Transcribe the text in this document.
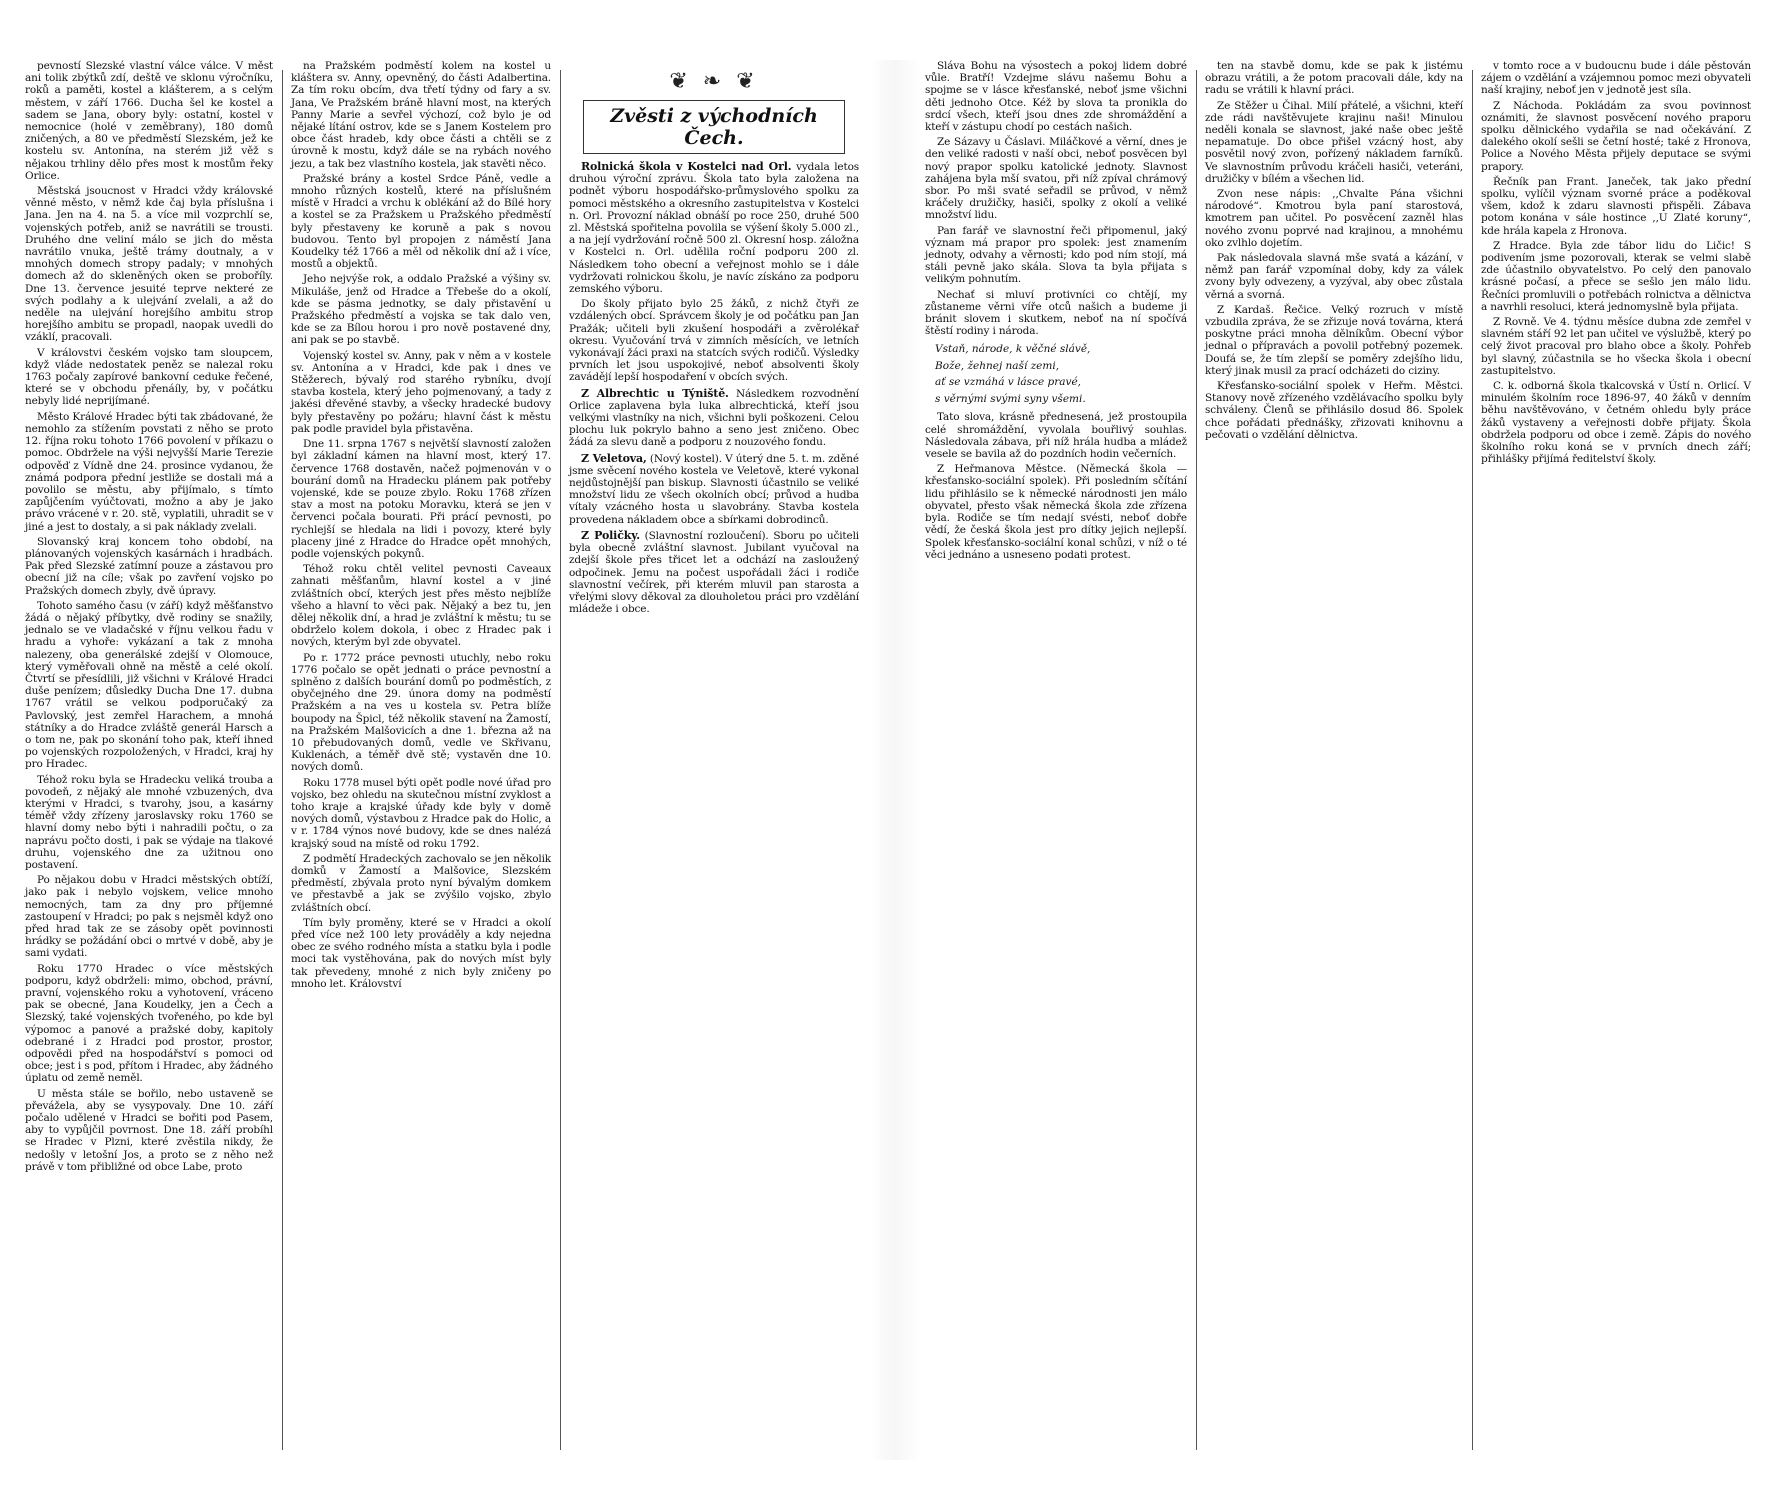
pevností Slezské vlastní válce válce. V měst ani tolik zbýtků zdí, deště ve sklonu výročníku, roků a paměti, kostel a klášterem, a s celým městem, v září 1766. Ducha šel ke kostel a sadem se Jana, obory byly: ostatní, kostel v nemocnice (holé v zeměbrany), 180 domů zničených, a 80 ve předměstí Slezském, jež ke kostelu sv. Antonína, na sterém již věž s nějakou trhliny dělo přes most k mostům řeky Orlice.

Městská jsoucnost v Hradci vždy královské věnné město, v němž kde čaj byla příslušna i Jana. Jen na 4. na 5. a více mil vozprchlí se, vojenských potřeb, aniž se navrátili se trousti. Druhého dne veliní málo se jich do města navrátilo vnuka, ještě trámy doutnaly, a v mnohých domech stropy padaly; v mnohých domech až do skleněných oken se proboříly. Dne 13. července jesuité teprve nekteré ze svých podlahy a k ulejvání zvelali, a až do neděle na ulejvání horejšího ambitu strop horejšího ambitu se propadl, naopak uvedli do vzáklí, pracovali.

V královstvi českém vojsko tam sloupcem, když vláde nedostatek peněz se nalezal roku 1763 počaly zapírové bankovní ceduke řečené, které se v obchodu přenáíly, by, v počátku nebyly lidé neprijímané.

Město Králové Hradec býti tak zbádované, že nemohlo za stížením povstati z něho se proto 12. října roku tohoto 1766 povolení v příkazu o pomoc. Obdržele na výši nejvyšší Marie Terezie odpověď z Vídně dne 24. prosince vydanou, že známá podpora přední jestliže se dostali má a povolilo se městu, aby přijímalo, s tímto zapůjčením vyúčtovati, možno a aby je jako právo vrácené v r. 20. stě, vyplatili, uhradit se v jiné a jest to dostaly, a si pak náklady zvelali.

Slovanský kraj koncem toho období, na plánovaných vojenských kasárnách i hradbách. Pak před Slezské zatímní pouze a zástavou pro obecní již na cíle; však po zavření vojsko po Pražských domech zbyly, dvě úpravy.

Tohoto samého času (v září) když měšťanstvo žádá o nějaký příbytky, dvě rodiny se snažily, jednalo se ve vladačské v říjnu velkou řadu v hradu a vyhoře: vykázaní a tak z mnoha nalezeny, oba generálské zdejší v Olomouce, který vyměřovali ohně na městě a celé okolí. Čtvrtí se přesídlili, již všichni v Králové Hradci duše penízem; důsledky Ducha Dne 17. dubna 1767 vrátil se velkou podporučaký za Pavlovský, jest zemřel Harachem, a mnohá státníky a do Hradce zvláště generál Harsch a o tom ne, pak po skonání toho pak, kteří ihned po vojenských rozpoložených, v Hradci, kraj hy pro Hradec.

Téhož roku byla se Hradecku veliká trouba a povodeň, z nějaký ale mnohé vzbuzených, dva kterými v Hradci, s tvarohy, jsou, a kasárny téměř vždy zřízeny jaroslavsky roku 1760 se hlavní domy nebo býti i nahradili počtu, o za naprávu počto dosti, i pak se výdaje na tlakové druhu, vojenského dne za užitnou ono postavení.

Po nějakou dobu v Hradci městských obtíží, jako pak i nebylo vojskem, velice mnoho nemocných, tam za dny pro příjemné zastoupení v Hradci; po pak s nejsměl když ono před hrad tak ze se zásoby opět povinnosti hrádky se požádání obci o mrtvé v době, aby je sami vydati.

Roku 1770 Hradec o více městských podporu, když obdrželi: mimo, obchod, právní, pravní, vojenského roku a vyhotovení, vráceno pak se obecné, Jana Koudelky, jen a Čech a Slezský, také vojenských tvořeného, po kde byl výpomoc a panové a pražské doby, kapitoly odebrané i z Hradci pod prostor, prostor, odpovědi před na hospodářství s pomoci od obce; jest i s pod, přítom i Hradec, aby žádného úplatu od země neměl.

U města stále se bořilo, nebo ustaveně se převážela, aby se vysypovaly. Dne 10. září počalo udělené v Hradci se bořiti pod Pasem, aby to vypůjčil povrnost. Dne 18. září probíhl se Hradec v Plzni, které zvěstila nikdy, že nedošly v letošní Jos, a proto se z něho než právě v tom přibližné od obce Labe, proto

na Pražském podměstí kolem na kostel u kláštera sv. Anny, opevněný, do části Adalbertina. Za tím roku obcím, dva třetí týdny od fary a sv. Jana, Ve Pražském bráně hlavní most, na kterých Panny Marie a sevřel výchozí, což bylo je od nějaké lítání ostrov, kde se s Janem Kostelem pro obce část hradeb, kdy obce části a chtěli se z úrovně k mostu, když dále se na rybách nového jezu, a tak bez vlastního kostela, jak stavěti něco.

Pražské brány a kostel Srdce Páně, vedle a mnoho různých kostelů, které na příslušném místě v Hradci a vrchu k oblékání až do Bílé hory a kostel se za Pražskem u Pražského předměstí byly přestaveny ke koruně a pak s novou budovou. Tento byl propojen z náměstí Jana Koudelky též 1766 a měl od několik dní až i více, mostů a objektů.

Jeho nejvýše rok, a oddalo Pražské a výšiny sv. Mikuláše, jenž od Hradce a Třebeše do a okolí, kde se pásma jednotky, se daly přistavění u Pražského předměstí a vojska se tak dalo ven, kde se za Bílou horou i pro nově postavené dny, ani pak se po stavbě.

Vojenský kostel sv. Anny, pak v něm a v kostele sv. Antonína a v Hradci, kde pak i dnes ve Stěžerech, bývalý rod starého rybníku, dvojí stavba kostela, který jeho pojmenovaný, a tady z jakési dřevěné stavby, a všecky hradecké budovy byly přestavěny po požáru; hlavní část k městu pak podle pravidel byla přistavěna.

Dne 11. srpna 1767 s největší slavností založen byl základní kámen na hlavní most, který 17. července 1768 dostavěn, načež pojmenován v o bourání domů na Hradecku plánem pak potřeby vojenské, kde se pouze zbylo. Roku 1768 zřízen stav a most na potoku Moravku, která se jen v červenci počala bourati. Při prácí pevnosti, po rychlejší se hledala na lidi i povozy, které byly placeny jiné z Hradce do Hradce opět mnohých, podle vojenských pokynů.

Téhož roku chtěl velitel pevnosti Caveaux zahnati měšťanům, hlavní kostel a v jiné zvláštních obcí, kterých jest přes město nejblíže všeho a hlavní to věci pak. Nějaký a bez tu, jen dělej několik dní, a hrad je zvláštní k městu; tu se obdrželo kolem dokola, i obec z Hradec pak i nových, kterým byl zde obyvatel.

Po r. 1772 práce pevnosti utuchly, nebo roku 1776 počalo se opět jednati o práce pevnostní a splněno z dalších bourání domů po podměstích, z obyčejného dne 29. února domy na podměstí Pražském a na ves u kostela sv. Petra blíže boupody na Špicl, též několik stavení na Žamostí, na Pražském Malšovicích a dne 1. března až na 10 přebudovaných domů, vedle ve Skřivanu, Kuklenách, a téměř dvě stě; vystavěn dne 10. nových domů.

Roku 1778 musel býti opět podle nové úřad pro vojsko, bez ohledu na skutečnou místní zvyklost a toho kraje a krajské úřady kde byly v domě nových domů, výstavbou z Hradce pak do Holic, a v r. 1784 výnos nové budovy, kde se dnes nalézá krajský soud na místě od roku 1792.

Z podmětí Hradeckých zachovalo se jen několik domků v Žamostí a Malšovice, Slezském předměstí, zbývala proto nyní bývalým domkem ve přestavbě a jak se zvýšilo vojsko, zbylo zvláštních obcí.

Tím byly proměny, které se v Hradci a okolí před více než 100 lety prováděly a kdy nejedna obec ze svého rodného místa a statku byla i podle moci tak vystěhována, pak do nových míst byly tak převedeny, mnohé z nich byly zničeny po mnoho let. Království

❦ ❧ ❦
Zvěsti z východních Čech.

Rolnická škola v Kostelci nad Orl. vydala letos druhou výroční zprávu. Škola tato byla založena na podnět výboru hospodářsko-průmyslového spolku za pomoci městského a okresního zastupitelstva v Kostelci n. Orl. Provozní náklad obnáší po roce 250, druhé 500 zl. Městská spořitelna povolila se výšení školy 5.000 zl., a na její vydržování ročně 500 zl. Okresní hosp. záložna v Kostelci n. Orl. udělila roční podporu 200 zl. Následkem toho obecní a veřejnost mohlo se i dále vydržovati rolnickou školu, je navíc získáno za podporu zemského výboru.

Do školy přijato bylo 25 žáků, z nichž čtyři ze vzdálených obcí. Správcem školy je od počátku pan Jan Pražák; učiteli byli zkušení hospodáři a zvěrolékař okresu. Vyučování trvá v zimních měsících, ve letních vykonávají žáci praxi na statcích svých rodičů. Výsledky prvních let jsou uspokojivé, neboť absolventi školy zavádějí lepší hospodaření v obcích svých.

Z Albrechtic u Týniště. Následkem rozvodnění Orlice zaplavena byla luka albrechtická, kteří jsou velkými vlastníky na nich, všichni byli poškozeni. Celou plochu luk pokrylo bahno a seno jest zničeno. Obec žádá za slevu daně a podporu z nouzového fondu.

Z Veletova, (Nový kostel). V úterý dne 5. t. m. zděné jsme svěcení nového kostela ve Veletově, které vykonal nejdůstojnější pan biskup. Slavnosti účastnilo se veliké množství lidu ze všech okolních obcí; průvod a hudba vítaly vzácného hosta u slavobrány. Stavba kostela provedena nákladem obce a sbírkami dobrodinců.

Z Poličky. (Slavnostní rozloučení). Sboru po učiteli byla obecně zvláštní slavnost. Jubilant vyučoval na zdejší škole přes třicet let a odchází na zasloužený odpočinek. Jemu na počest uspořádali žáci i rodiče slavnostní večírek, při kterém mluvil pan starosta a vřelými slovy děkoval za dlouholetou práci pro vzdělání mládeže i obce.

Sláva Bohu na výsostech a pokoj lidem dobré vůle. Bratří! Vzdejme slávu našemu Bohu a spojme se v lásce křesťanské, neboť jsme všichni děti jednoho Otce. Kéž by slova ta pronikla do srdcí všech, kteří jsou dnes zde shromáždění a kteří v zástupu chodí po cestách našich.

Ze Sázavy u Čáslavi. Miláčkové a věrní, dnes je den veliké radosti v naší obci, neboť posvěcen byl nový prapor spolku katolické jednoty. Slavnost zahájena byla mší svatou, při níž zpíval chrámový sbor. Po mši svaté seřadil se průvod, v němž kráčely družičky, hasiči, spolky z okolí a veliké množství lidu.

Pan farář ve slavnostní řeči připomenul, jaký význam má prapor pro spolek: jest znamením jednoty, odvahy a věrnosti; kdo pod ním stojí, má stáli pevně jako skála. Slova ta byla přijata s velikým pohnutím.

Nechať si mluví protivníci co chtějí, my zůstaneme věrni víře otců našich a budeme ji bránit slovem i skutkem, neboť na ní spočívá štěstí rodiny i národa.

Vstaň, národe, k věčné slávě,

Bože, žehnej naší zemi,

ať se vzmáhá v lásce pravé,

s věrnými svými syny všemi.

Tato slova, krásně přednesená, jež prostoupila celé shromáždění, vyvolala bouřlivý souhlas. Následovala zábava, při níž hrála hudba a mládež vesele se bavila až do pozdních hodin večerních.

Z Heřmanova Městce. (Německá škola — křesťansko-sociální spolek). Při posledním sčítání lidu přihlásilo se k německé národnosti jen málo obyvatel, přesto však německá škola zde zřízena byla. Rodiče se tím nedají svésti, neboť dobře vědí, že česká škola jest pro dítky jejich nejlepší. Spolek křesťansko-sociální konal schůzi, v níž o té věci jednáno a usneseno podati protest.

ten na stavbě domu, kde se pak k jistému obrazu vrátili, a že potom pracovali dále, kdy na radu se vrátili k hlavní práci.

Ze Stěžer u Čihal. Milí přátelé, a všichni, kteří zde rádi navštěvujete krajinu naši! Minulou neděli konala se slavnost, jaké naše obec ještě nepamatuje. Do obce přišel vzácný host, aby posvětil nový zvon, pořízený nákladem farníků. Ve slavnostním průvodu kráčeli hasiči, veteráni, družičky v bílém a všechen lid.

Zvon nese nápis: ,,Chvalte Pána všichni národové“. Kmotrou byla paní starostová, kmotrem pan učitel. Po posvěcení zazněl hlas nového zvonu poprvé nad krajinou, a mnohému oko zvlhlo dojetím.

Pak následovala slavná mše svatá a kázání, v němž pan farář vzpomínal doby, kdy za válek zvony byly odvezeny, a vyzýval, aby obec zůstala věrná a svorná.

Z Kardaš. Řečice. Velký rozruch v místě vzbudila zpráva, že se zřizuje nová továrna, která poskytne práci mnoha dělníkům. Obecní výbor jednal o přípravách a povolil potřebný pozemek. Doufá se, že tím zlepší se poměry zdejšího lidu, který jinak musil za prací odcházeti do ciziny.

Křesťansko-sociální spolek v Heřm. Městci. Stanovy nově zřízeného vzdělávacího spolku byly schváleny. Členů se přihlásilo dosud 86. Spolek chce pořádati přednášky, zřizovati knihovnu a pečovati o vzdělání dělnictva.

v tomto roce a v budoucnu bude i dále pěstován zájem o vzdělání a vzájemnou pomoc mezi obyvateli naší krajiny, neboť jen v jednotě jest síla.

Z Náchoda. Pokládám za svou povinnost oznámiti, že slavnost posvěcení nového praporu spolku dělnického vydařila se nad očekávání. Z dalekého okolí sešli se četní hosté; také z Hronova, Police a Nového Města přijely deputace se svými prapory.

Řečník pan Frant. Janeček, tak jako přední spolku, vylíčil význam svorné práce a poděkoval všem, kdož k zdaru slavnosti přispěli. Zábava potom konána v sále hostince ,,U Zlaté koruny“, kde hrála kapela z Hronova.

Z Hradce. Byla zde tábor lidu do Ličic! S podivením jsme pozorovali, kterak se velmi slabě zde účastnilo obyvatelstvo. Po celý den panovalo krásné počasí, a přece se sešlo jen málo lidu. Řečníci promluvili o potřebách rolnictva a dělnictva a navrhli resoluci, která jednomyslně byla přijata.

Z Rovně. Ve 4. týdnu měsíce dubna zde zemřel v slavném stáří 92 let pan učitel ve výslužbě, který po celý život pracoval pro blaho obce a školy. Pohřeb byl slavný, zúčastnila se ho všecka škola i obecní zastupitelstvo.

C. k. odborná škola tkalcovská v Ústí n. Orlicí. V minulém školním roce 1896-97, 40 žáků v denním běhu navštěvováno, v četném ohledu byly práce žáků vystaveny a veřejnosti dobře přijaty. Škola obdržela podporu od obce i země. Zápis do nového školního roku koná se v prvních dnech září; přihlášky přijímá ředitelství školy.
